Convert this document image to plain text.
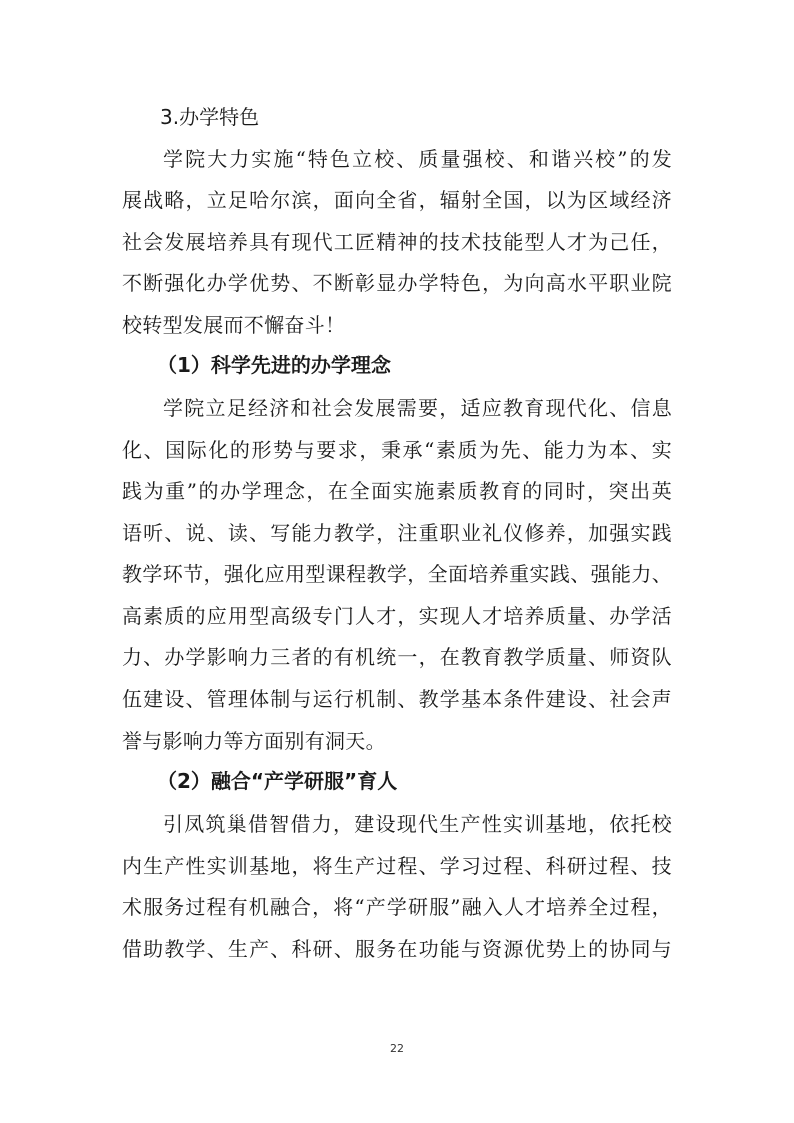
3.办学特色
学院大力实施“特色立校、质量强校、和谐兴校”的发
展战略，立足哈尔滨，面向全省，辐射全国，以为区域经济
社会发展培养具有现代工匠精神的技术技能型人才为己任，
不断强化办学优势、不断彰显办学特色，为向高水平职业院
校转型发展而不懈奋斗！
（1）科学先进的办学理念
学院立足经济和社会发展需要，适应教育现代化、信息
化、国际化的形势与要求，秉承“素质为先、能力为本、实
践为重”的办学理念，在全面实施素质教育的同时，突出英
语听、说、读、写能力教学，注重职业礼仪修养，加强实践
教学环节，强化应用型课程教学，全面培养重实践、强能力、
高素质的应用型高级专门人才，实现人才培养质量、办学活
力、办学影响力三者的有机统一，在教育教学质量、师资队
伍建设、管理体制与运行机制、教学基本条件建设、社会声
誉与影响力等方面别有洞天。
（2）融合“产学研服”育人
引凤筑巢借智借力，建设现代生产性实训基地，依托校
内生产性实训基地，将生产过程、学习过程、科研过程、技
术服务过程有机融合，将“产学研服”融入人才培养全过程，
借助教学、生产、科研、服务在功能与资源优势上的协同与
22
